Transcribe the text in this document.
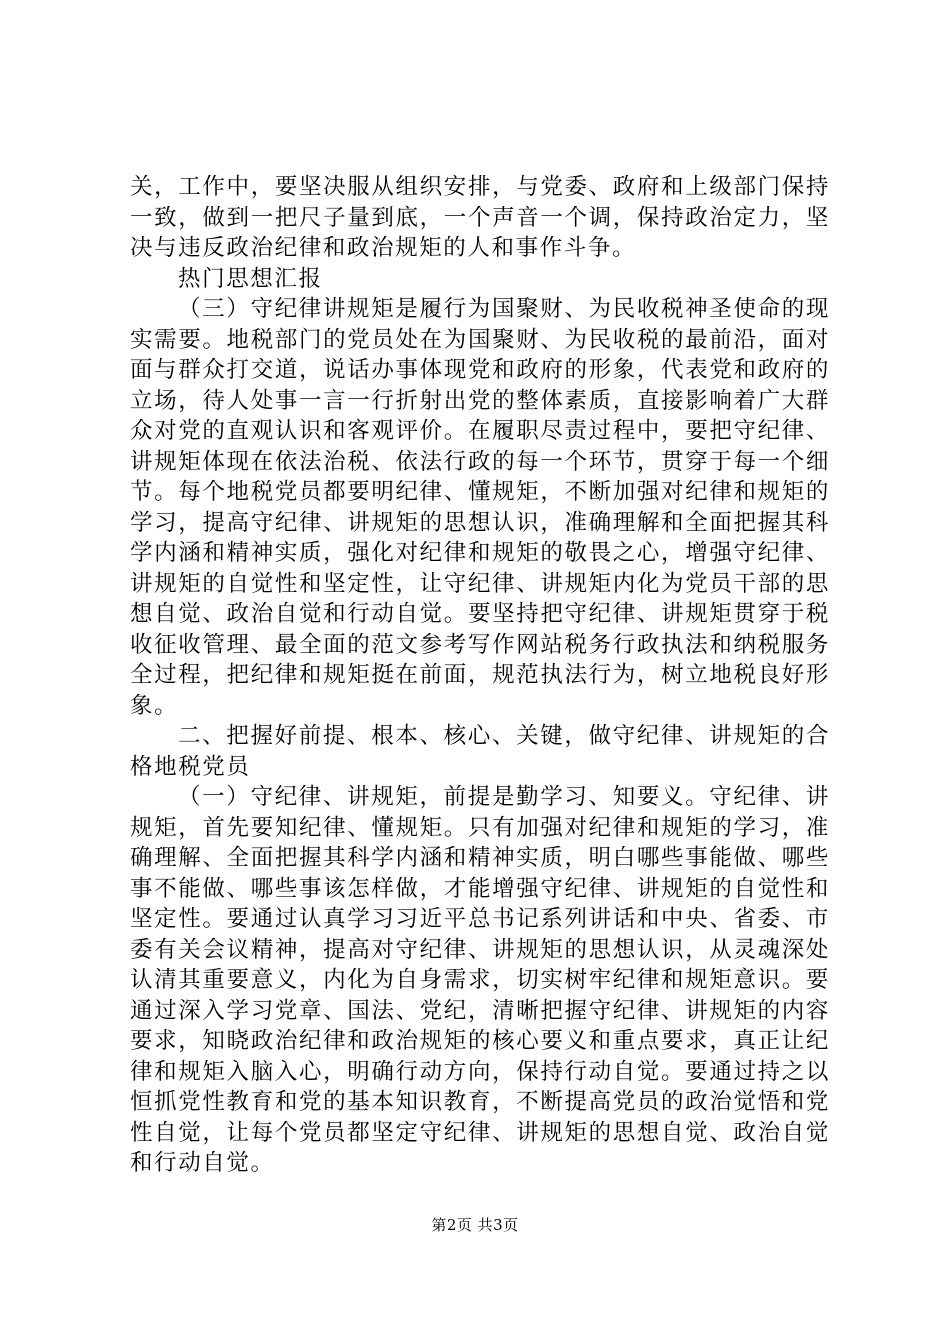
关，工作中，要坚决服从组织安排，与党委、政府和上级部门保持一致，做到一把尺子量到底，一个声音一个调，保持政治定力，坚决与违反政治纪律和政治规矩的人和事作斗争。

热门思想汇报

（三）守纪律讲规矩是履行为国聚财、为民收税神圣使命的现实需要。地税部门的党员处在为国聚财、为民收税的最前沿，面对面与群众打交道，说话办事体现党和政府的形象，代表党和政府的立场，待人处事一言一行折射出党的整体素质，直接影响着广大群众对党的直观认识和客观评价。在履职尽责过程中，要把守纪律、讲规矩体现在依法治税、依法行政的每一个环节，贯穿于每一个细节。每个地税党员都要明纪律、懂规矩，不断加强对纪律和规矩的学习，提高守纪律、讲规矩的思想认识，准确理解和全面把握其科学内涵和精神实质，强化对纪律和规矩的敬畏之心，增强守纪律、讲规矩的自觉性和坚定性，让守纪律、讲规矩内化为党员干部的思想自觉、政治自觉和行动自觉。要坚持把守纪律、讲规矩贯穿于税收征收管理、最全面的范文参考写作网站税务行政执法和纳税服务全过程，把纪律和规矩挺在前面，规范执法行为，树立地税良好形象。

二、把握好前提、根本、核心、关键，做守纪律、讲规矩的合格地税党员

（一）守纪律、讲规矩，前提是勤学习、知要义。守纪律、讲规矩，首先要知纪律、懂规矩。只有加强对纪律和规矩的学习，准确理解、全面把握其科学内涵和精神实质，明白哪些事能做、哪些事不能做、哪些事该怎样做，才能增强守纪律、讲规矩的自觉性和坚定性。要通过认真学习习近平总书记系列讲话和中央、省委、市委有关会议精神，提高对守纪律、讲规矩的思想认识，从灵魂深处认清其重要意义，内化为自身需求，切实树牢纪律和规矩意识。要通过深入学习党章、国法、党纪，清晰把握守纪律、讲规矩的内容要求，知晓政治纪律和政治规矩的核心要义和重点要求，真正让纪律和规矩入脑入心，明确行动方向，保持行动自觉。要通过持之以恒抓党性教育和党的基本知识教育，不断提高党员的政治觉悟和党性自觉，让每个党员都坚定守纪律、讲规矩的思想自觉、政治自觉和行动自觉。

第2页 共3页
